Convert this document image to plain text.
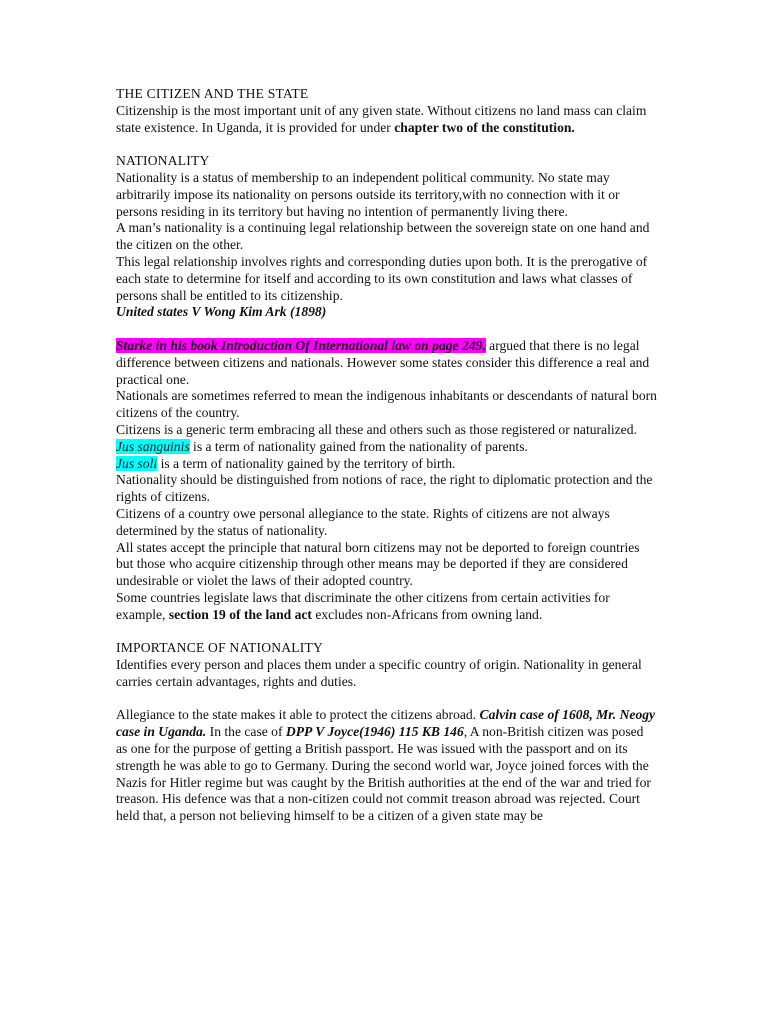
THE CITIZEN AND THE STATE

Citizenship is the most important unit of any given state. Without citizens no land mass can claim state existence. In Uganda, it is provided for under chapter two of the constitution.

NATIONALITY

Nationality is a status of membership to an independent political community. No state may arbitrarily impose its nationality on persons outside its territory,with no connection with it or persons residing in its territory but having no intention of permanently living there.

A man’s nationality is a continuing legal relationship between the sovereign state on one hand and the citizen on the other.

This legal relationship involves rights and corresponding duties upon both. It is the prerogative of each state to determine for itself and according to its own constitution and laws what classes of persons shall be entitled to its citizenship.

United states V Wong Kim Ark (1898)

Starke in his book Introduction Of International law on page 249, argued that there is no legal difference between citizens and nationals. However some states consider this difference a real and practical one.

Nationals are sometimes referred to mean the indigenous inhabitants or descendants of natural born citizens of the country.

Citizens is a generic term embracing all these and others such as those registered or naturalized.

Jus sanguinis is a term of nationality gained from the nationality of parents.

Jus soli is a term of nationality gained by the territory of birth.

Nationality should be distinguished from notions of race, the right to diplomatic protection and the rights of citizens.

Citizens of a country owe personal allegiance to the state. Rights of citizens are not always determined by the status of nationality.

All states accept the principle that natural born citizens may not be deported to foreign countries but those who acquire citizenship through other means may be deported if they are considered undesirable or violet the laws of their adopted country.

Some countries legislate laws that discriminate the other citizens from certain activities for example, section 19 of the land act excludes non-Africans from owning land.

IMPORTANCE OF NATIONALITY

Identifies every person and places them under a specific country of origin. Nationality in general carries certain advantages, rights and duties.

Allegiance to the state makes it able to protect the citizens abroad. Calvin case of 1608, Mr. Neogy case in Uganda. In the case of DPP V Joyce(1946) 115 KB 146, A non-British citizen was posed as one for the purpose of getting a British passport. He was issued with the passport and on its strength he was able to go to Germany. During the second world war, Joyce joined forces with the Nazis for Hitler regime but was caught by the British authorities at the end of the war and tried for treason. His defence was that a non-citizen could not commit treason abroad was rejected. Court held that, a person not believing himself to be a citizen of a given state may be
